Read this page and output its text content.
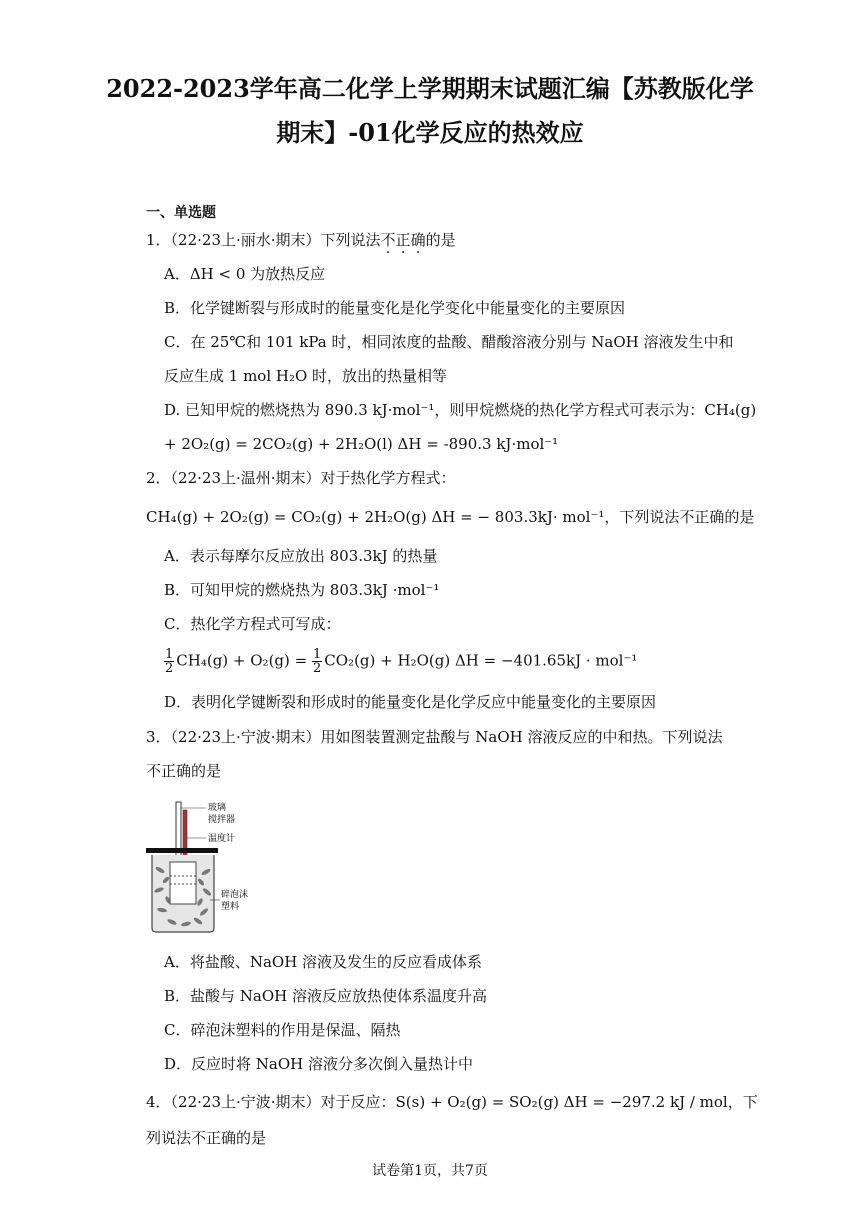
2022-2023学年高二化学上学期期末试题汇编【苏教版化学
期末】-01化学反应的热效应
一、单选题
1．（22·23上·丽水·期末）下列说法不正确的是
A．ΔH < 0 为放热反应
B．化学键断裂与形成时的能量变化是化学变化中能量变化的主要原因
C．在 25℃和 101 kPa 时，相同浓度的盐酸、醋酸溶液分别与 NaOH 溶液发生中和
反应生成 1 mol H₂O 时，放出的热量相等
D. 已知甲烷的燃烧热为 890.3 kJ·mol⁻¹，则甲烷燃烧的热化学方程式可表示为：CH₄(g)
+ 2O₂(g) = 2CO₂(g) + 2H₂O(l) ΔH = -890.3 kJ·mol⁻¹
2．（22·23上·温州·期末）对于热化学方程式：
CH₄(g) + 2O₂(g) = CO₂(g) + 2H₂O(g) ΔH = − 803.3kJ· mol⁻¹，下列说法不正确的是
A．表示每摩尔反应放出 803.3kJ 的热量
B．可知甲烷的燃烧热为 803.3kJ ·mol⁻¹
C．热化学方程式可写成：
$\frac{1}{2} CH_4(g) + O_2(g) = \frac{1}{2} CO_2(g) + H_2O(g) \Delta H = -401.65kJ \cdot mol^{-1}$
D．表明化学键断裂和形成时的能量变化是化学反应中能量变化的主要原因
3．（22·23上·宁波·期末）用如图装置测定盐酸与 NaOH 溶液反应的中和热。下列说法
不正确的是
玻璃
搅拌器
温度计
碎泡沫
塑料
A．将盐酸、NaOH 溶液及发生的反应看成体系
B．盐酸与 NaOH 溶液反应放热使体系温度升高
C．碎泡沫塑料的作用是保温、隔热
D．反应时将 NaOH 溶液分多次倒入量热计中
4．（22·23上·宁波·期末）对于反应：S(s) + O₂(g) = SO₂(g) ΔH = −297.2 kJ / mol，下
列说法不正确的是
试卷第1页，共7页
